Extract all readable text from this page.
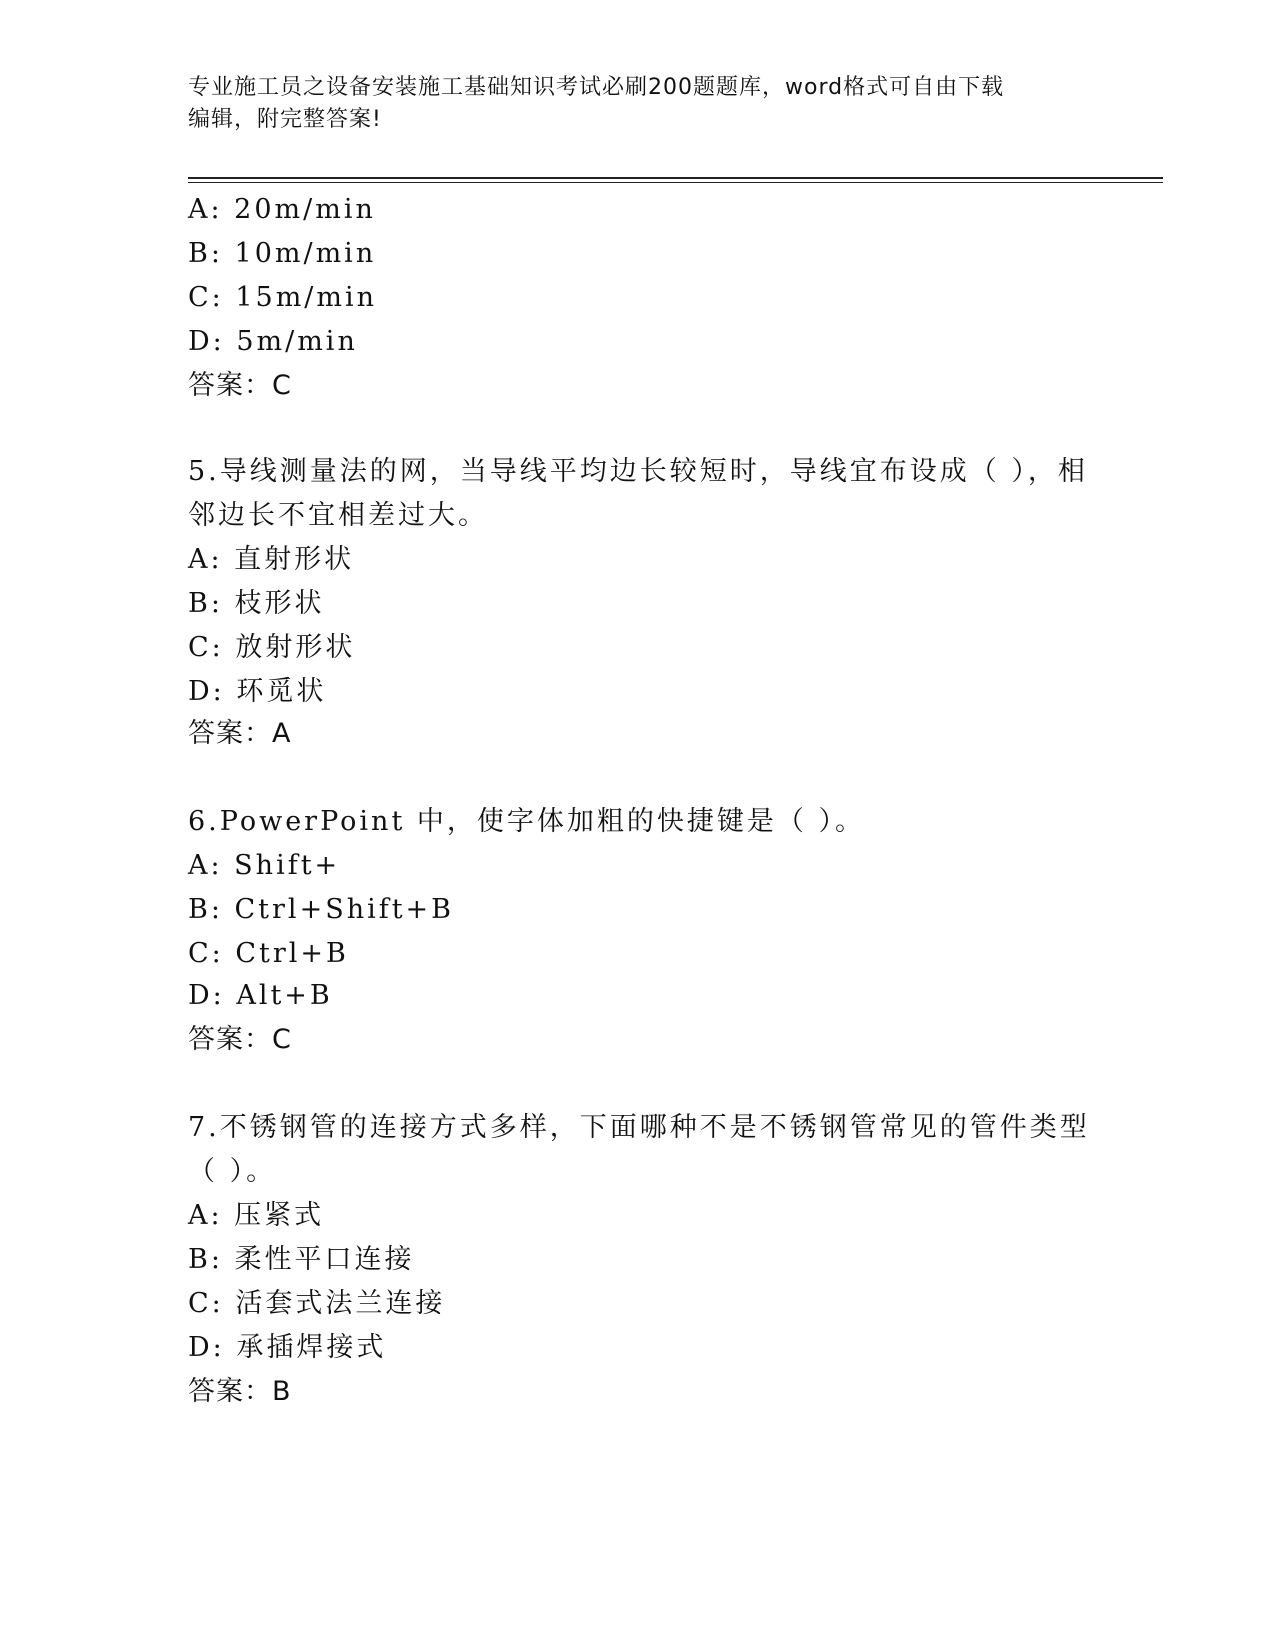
专业施工员之设备安装施工基础知识考试必刷200题题库，word格式可自由下载
编辑，附完整答案!
A: 20m/min
B: 10m/min
C: 15m/min
D: 5m/min
答案：C
5.导线测量法的网，当导线平均边长较短时，导线宜布设成（ ），相
邻边长不宜相差过大。
A: 直射形状
B: 枝形状
C: 放射形状
D: 环觅状
答案：A
6.PowerPoint 中，使字体加粗的快捷键是（ ）。
A: Shift+
B: Ctrl+Shift+B
C: Ctrl+B
D: Alt+B
答案：C
7.不锈钢管的连接方式多样，下面哪种不是不锈钢管常见的管件类型
（ ）。
A: 压紧式
B: 柔性平口连接
C: 活套式法兰连接
D: 承插焊接式
答案：B
